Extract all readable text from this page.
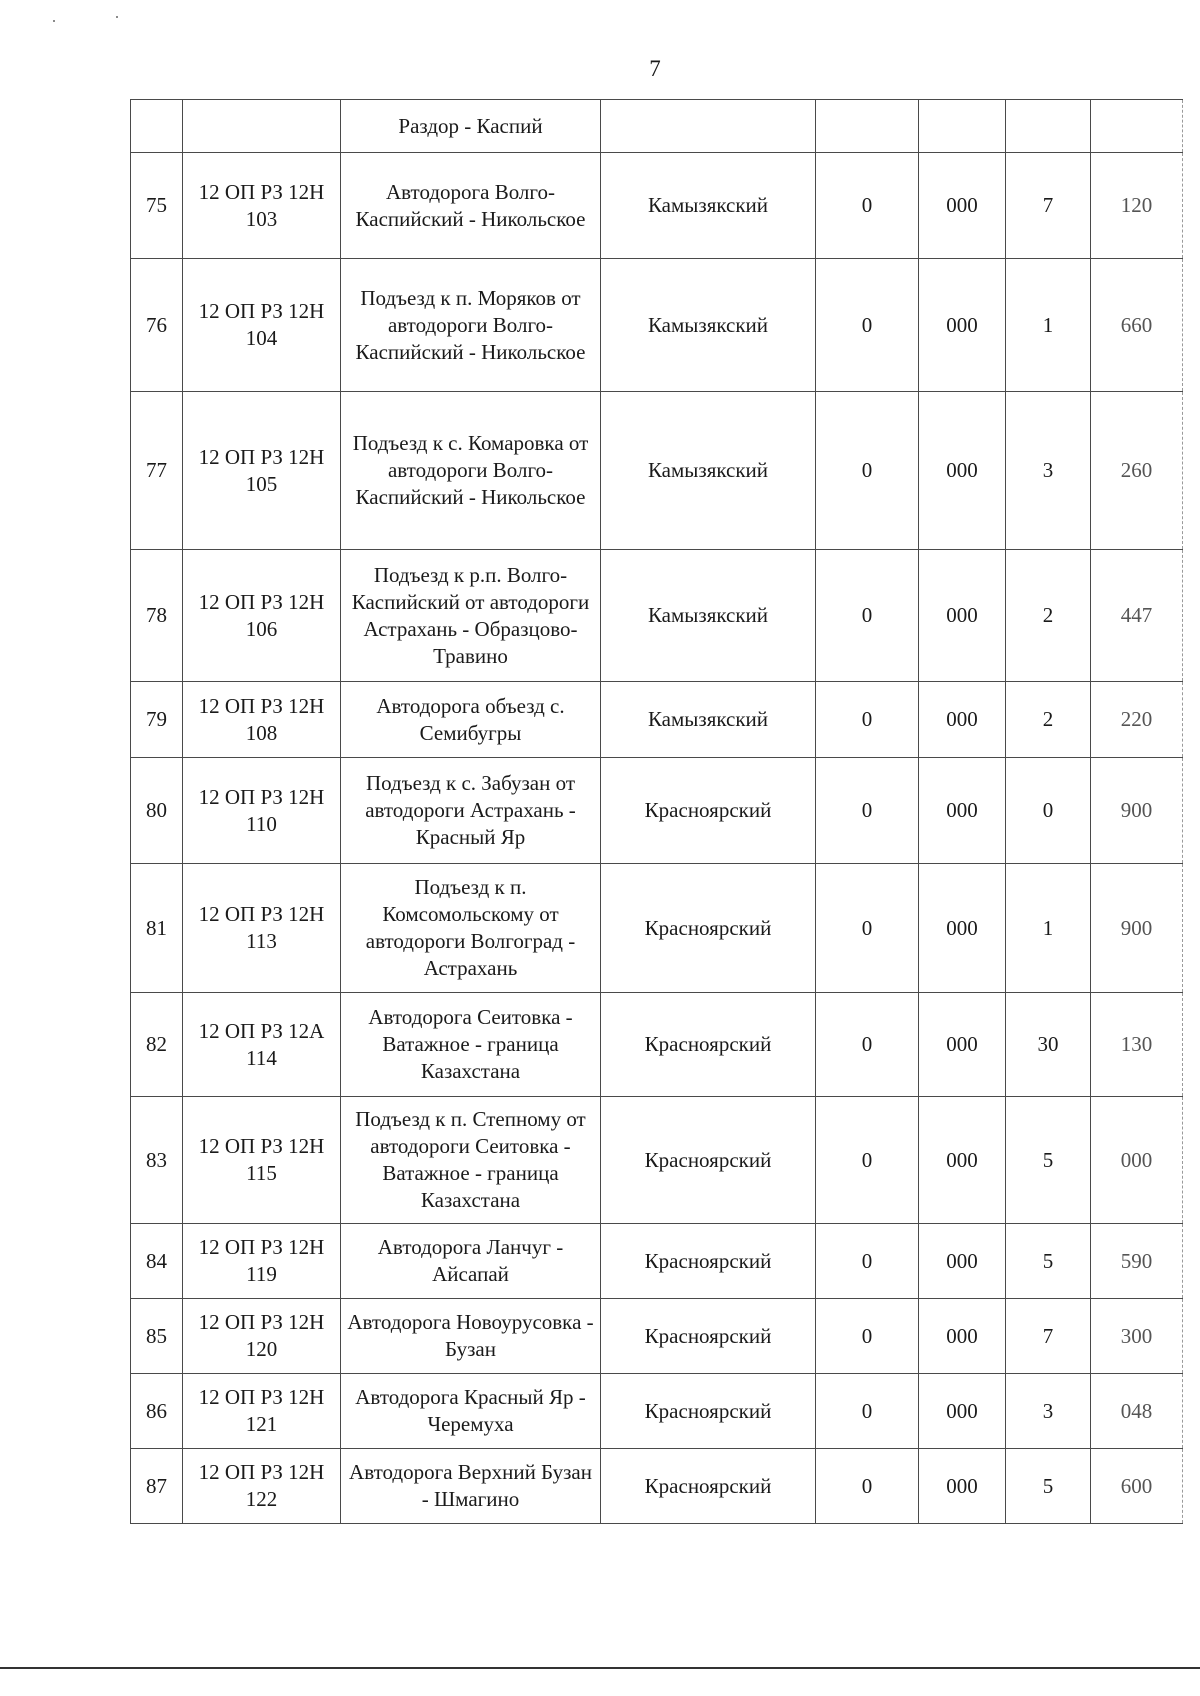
7
		Раздор - Каспий					
75	12 ОП РЗ 12Н 103	Автодорога Волго-Каспийский - Никольское	Камызякский	0	000	7	120
76	12 ОП РЗ 12Н 104	Подъезд к п. Моряков от автодороги Волго-Каспийский - Никольское	Камызякский	0	000	1	660
77	12 ОП РЗ 12Н 105	Подъезд к с. Комаровка от автодороги Волго-Каспийский - Никольское	Камызякский	0	000	3	260
78	12 ОП РЗ 12Н 106	Подъезд к р.п. Волго-Каспийский от автодороги Астрахань - Образцово-Травино	Камызякский	0	000	2	447
79	12 ОП РЗ 12Н 108	Автодорога объезд с. Семибугры	Камызякский	0	000	2	220
80	12 ОП РЗ 12Н 110	Подъезд к с. Забузан от автодороги Астрахань - Красный Яр	Красноярский	0	000	0	900
81	12 ОП РЗ 12Н 113	Подъезд к п. Комсомольскому от автодороги Волгоград - Астрахань	Красноярский	0	000	1	900
82	12 ОП РЗ 12А 114	Автодорога Сеитовка - Ватажное - граница Казахстана	Красноярский	0	000	30	130
83	12 ОП РЗ 12Н 115	Подъезд к п. Степному от автодороги Сеитовка - Ватажное - граница Казахстана	Красноярский	0	000	5	000
84	12 ОП РЗ 12Н 119	Автодорога Ланчуг - Айсапай	Красноярский	0	000	5	590
85	12 ОП РЗ 12Н 120	Автодорога Новоурусовка - Бузан	Красноярский	0	000	7	300
86	12 ОП РЗ 12Н 121	Автодорога Красный Яр - Черемуха	Красноярский	0	000	3	048
87	12 ОП РЗ 12Н 122	Автодорога Верхний Бузан - Шмагино	Красноярский	0	000	5	600
